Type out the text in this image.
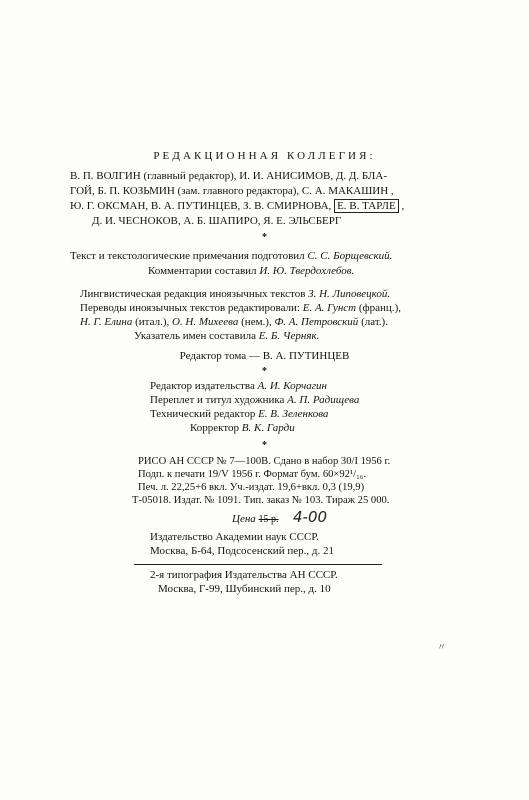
РЕДАКЦИОННАЯ КОЛЛЕГИЯ:
В. П. ВОЛГИН (главный редактор), И. И. АНИСИМОВ, Д. Д. БЛА-
ГОЙ, Б. П. КОЗЬМИН (зам. главного редактора), С. А. МАКАШИН ,
Ю. Г. ОКСМАН, В. А. ПУТИНЦЕВ, З. В. СМИРНОВА, Е. В. ТАРЛЕ ,
Д. И. ЧЕСНОКОВ, А. Б. ШАПИРО, Я. Е. ЭЛЬСБЕРГ
*
Текст и текстологические примечания подготовил С. С. Борщевский.
Комментарии составил И. Ю. Твердохлебов.
Лингвистическая редакция иноязычных текстов З. Н. Липовецкой.
Переводы иноязычных текстов редактировали: Е. А. Гунст (франц.),
Н. Г. Елина (итал.), О. Н. Михеева (нем.), Ф. А. Петровский (лат.).
Указатель имен составила Е. Б. Черняк.
Редактор тома — В. А. ПУТИНЦЕВ
*
Редактор издательства А. И. Корчагин
Переплет и титул художника А. П. Радищева
Технический редактор Е. В. Зеленкова
Корректор В. К. Гарди
*
РИСО АН СССР № 7—100В. Сдано в набор 30/I 1956 г.
Подп. к печати 19/V 1956 г. Формат бум. 60×92¹/₁₆.
Печ. л. 22,25+6 вкл. Уч.-издат. 19,6+вкл. 0,3 (19,9)
Т-05018. Издат. № 1091. Тип. заказ № 103. Тираж 25 000.
Цена 15 р. 4-00
Издательство Академии наук СССР.
Москва, Б-64, Подсосенский пер., д. 21
2-я типография Издательства АН СССР.
Москва, Г-99, Шубинский пер., д. 10
〃
